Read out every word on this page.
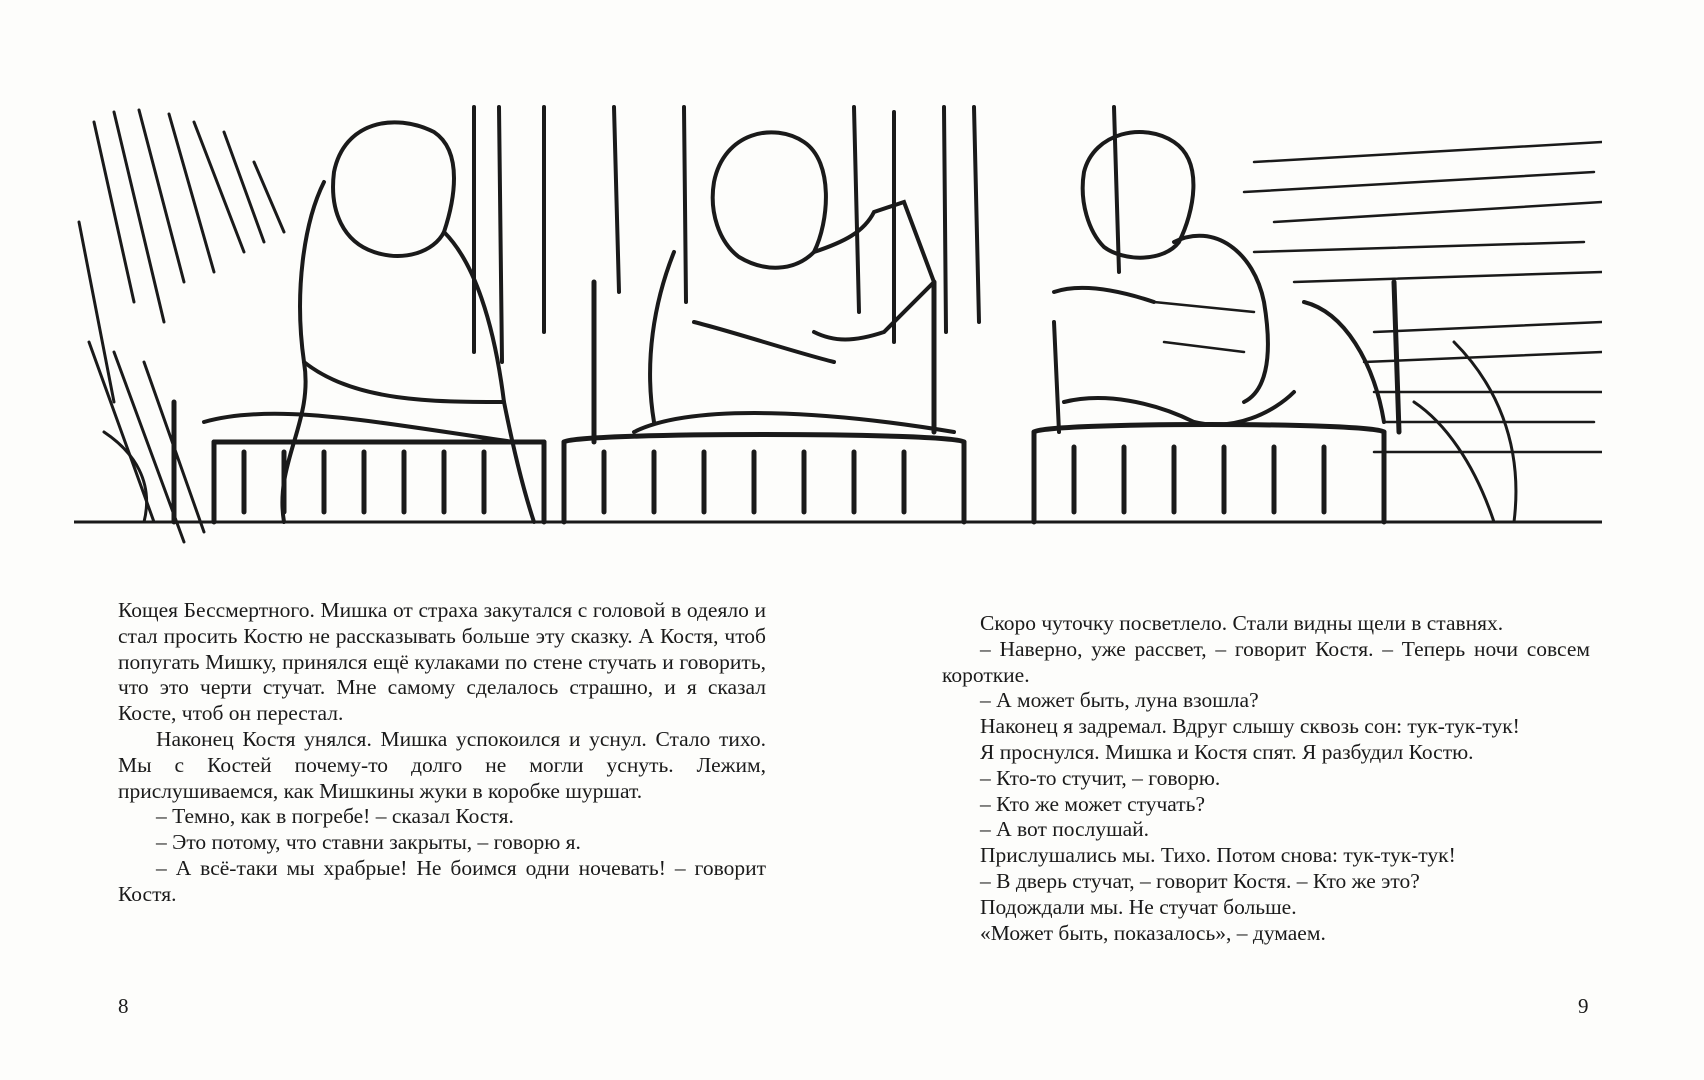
Кощея Бессмертного. Мишка от страха закутался с головой в одеяло и стал просить Костю не рассказывать больше эту сказку. А Костя, чтоб попугать Мишку, принялся ещё кулаками по стене стучать и говорить, что это черти стучат. Мне самому сделалось страшно, и я сказал Косте, чтоб он перестал.

Наконец Костя унялся. Мишка успокоился и уснул. Стало тихо. Мы с Костей почему-то долго не могли уснуть. Лежим, прислушиваемся, как Мишкины жуки в коробке шуршат.

– Темно, как в погребе! – сказал Костя.

– Это потому, что ставни закрыты, – говорю я.

– А всё-таки мы храбрые! Не боимся одни ночевать! – говорит Костя.

Скоро чуточку посветлело. Стали видны щели в ставнях.

– Наверно, уже рассвет, – говорит Костя. – Теперь ночи совсем короткие.

– А может быть, луна взошла?

Наконец я задремал. Вдруг слышу сквозь сон: тук-тук-тук!

Я проснулся. Мишка и Костя спят. Я разбудил Костю.

– Кто-то стучит, – говорю.

– Кто же может стучать?

– А вот послушай.

Прислушались мы. Тихо. Потом снова: тук-тук-тук!

– В дверь стучат, – говорит Костя. – Кто же это?

Подождали мы. Не стучат больше.

«Может быть, показалось», – думаем.

8	9
